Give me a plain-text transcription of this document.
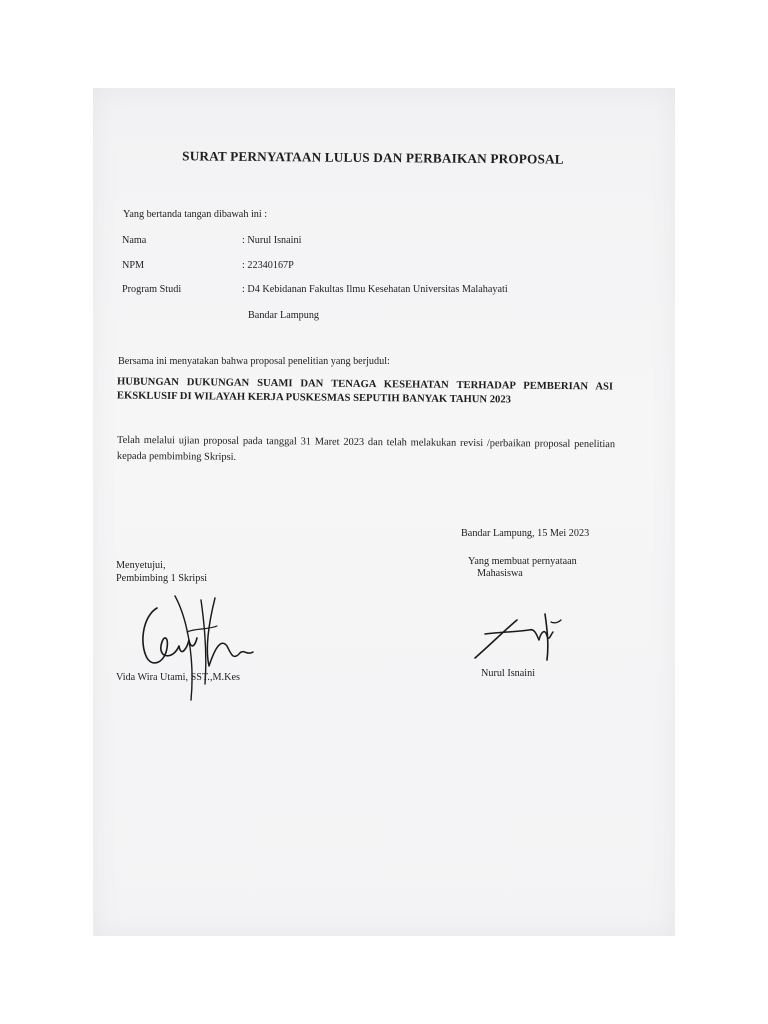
SURAT PERNYATAAN LULUS DAN PERBAIKAN PROPOSAL
Yang bertanda tangan dibawah ini :
Nama	: Nurul Isnaini
NPM	: 22340167P
Program Studi	: D4 Kebidanan Fakultas Ilmu Kesehatan Universitas Malahayati
Bandar Lampung
Bersama ini menyatakan bahwa proposal penelitian yang berjudul:
HUBUNGAN DUKUNGAN SUAMI DAN TENAGA KESEHATAN TERHADAP PEMBERIAN ASI EKSKLUSIF DI WILAYAH KERJA PUSKESMAS SEPUTIH BANYAK TAHUN 2023
Telah melalui ujian proposal pada tanggal 31 Maret 2023 dan telah melakukan revisi /perbaikan proposal penelitian kepada pembimbing Skripsi.
Bandar Lampung, 15 Mei 2023
Yang membuat pernyataan
Mahasiswa
Menyetujui,
Pembimbing 1 Skripsi
Vida Wira Utami, SST.,M.Kes	Nurul Isnaini
